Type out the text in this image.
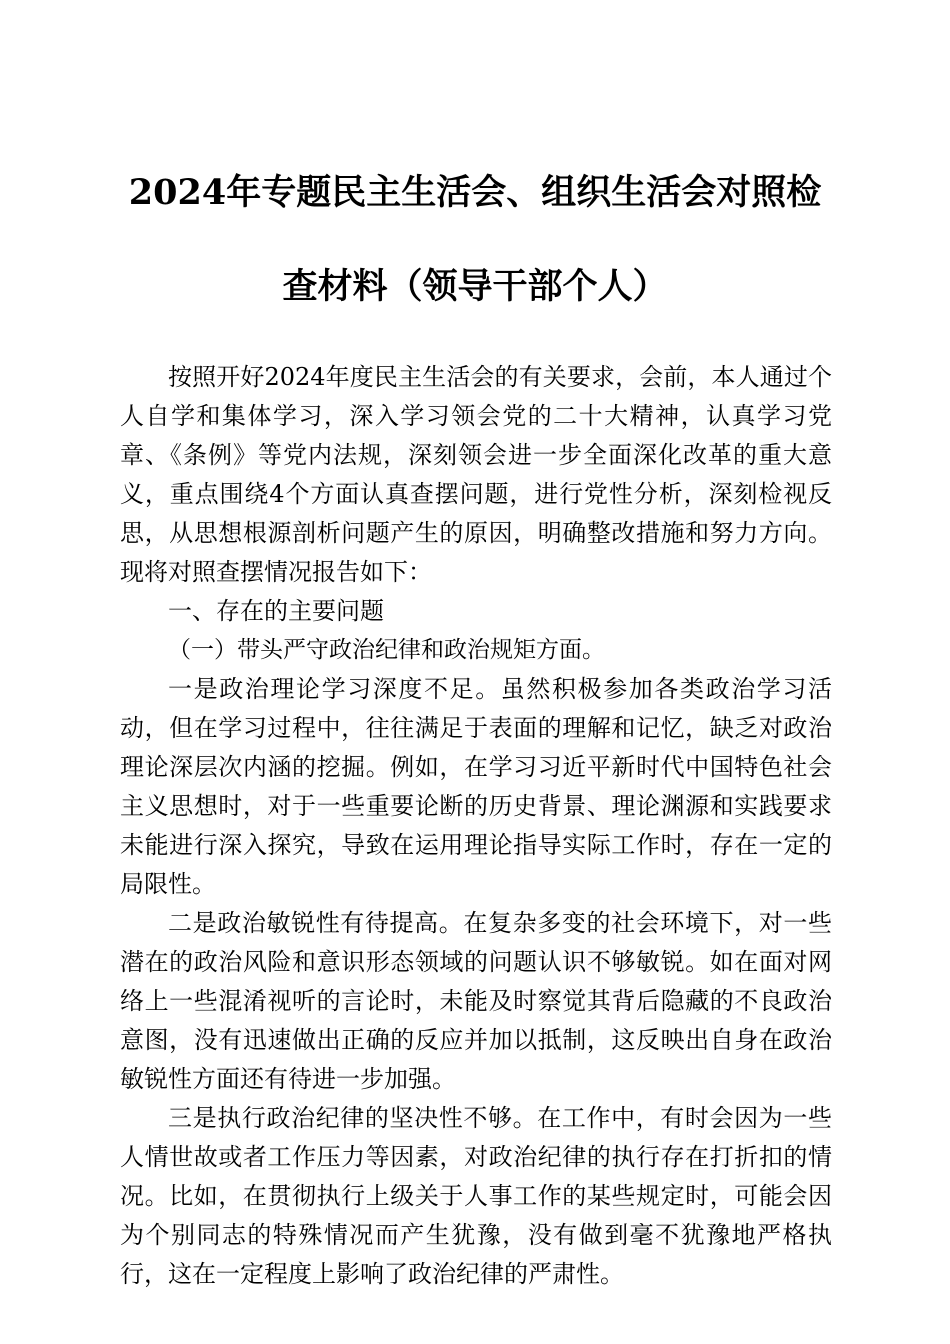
2024年专题民主生活会、组织生活会对照检
查材料（领导干部个人）

按照开好2024年度民主生活会的有关要求，会前，本人通过个人自学和集体学习，深入学习领会党的二十大精神，认真学习党章、《条例》等党内法规，深刻领会进一步全面深化改革的重大意义，重点围绕4个方面认真查摆问题，进行党性分析，深刻检视反思，从思想根源剖析问题产生的原因，明确整改措施和努力方向。现将对照查摆情况报告如下：

一、存在的主要问题

（一）带头严守政治纪律和政治规矩方面。

一是政治理论学习深度不足。虽然积极参加各类政治学习活动，但在学习过程中，往往满足于表面的理解和记忆，缺乏对政治理论深层次内涵的挖掘。例如，在学习习近平新时代中国特色社会主义思想时，对于一些重要论断的历史背景、理论渊源和实践要求未能进行深入探究，导致在运用理论指导实际工作时，存在一定的局限性。

二是政治敏锐性有待提高。在复杂多变的社会环境下，对一些潜在的政治风险和意识形态领域的问题认识不够敏锐。如在面对网络上一些混淆视听的言论时，未能及时察觉其背后隐藏的不良政治意图，没有迅速做出正确的反应并加以抵制，这反映出自身在政治敏锐性方面还有待进一步加强。

三是执行政治纪律的坚决性不够。在工作中，有时会因为一些人情世故或者工作压力等因素，对政治纪律的执行存在打折扣的情况。比如，在贯彻执行上级关于人事工作的某些规定时，可能会因为个别同志的特殊情况而产生犹豫，没有做到毫不犹豫地严格执行，这在一定程度上影响了政治纪律的严肃性。
